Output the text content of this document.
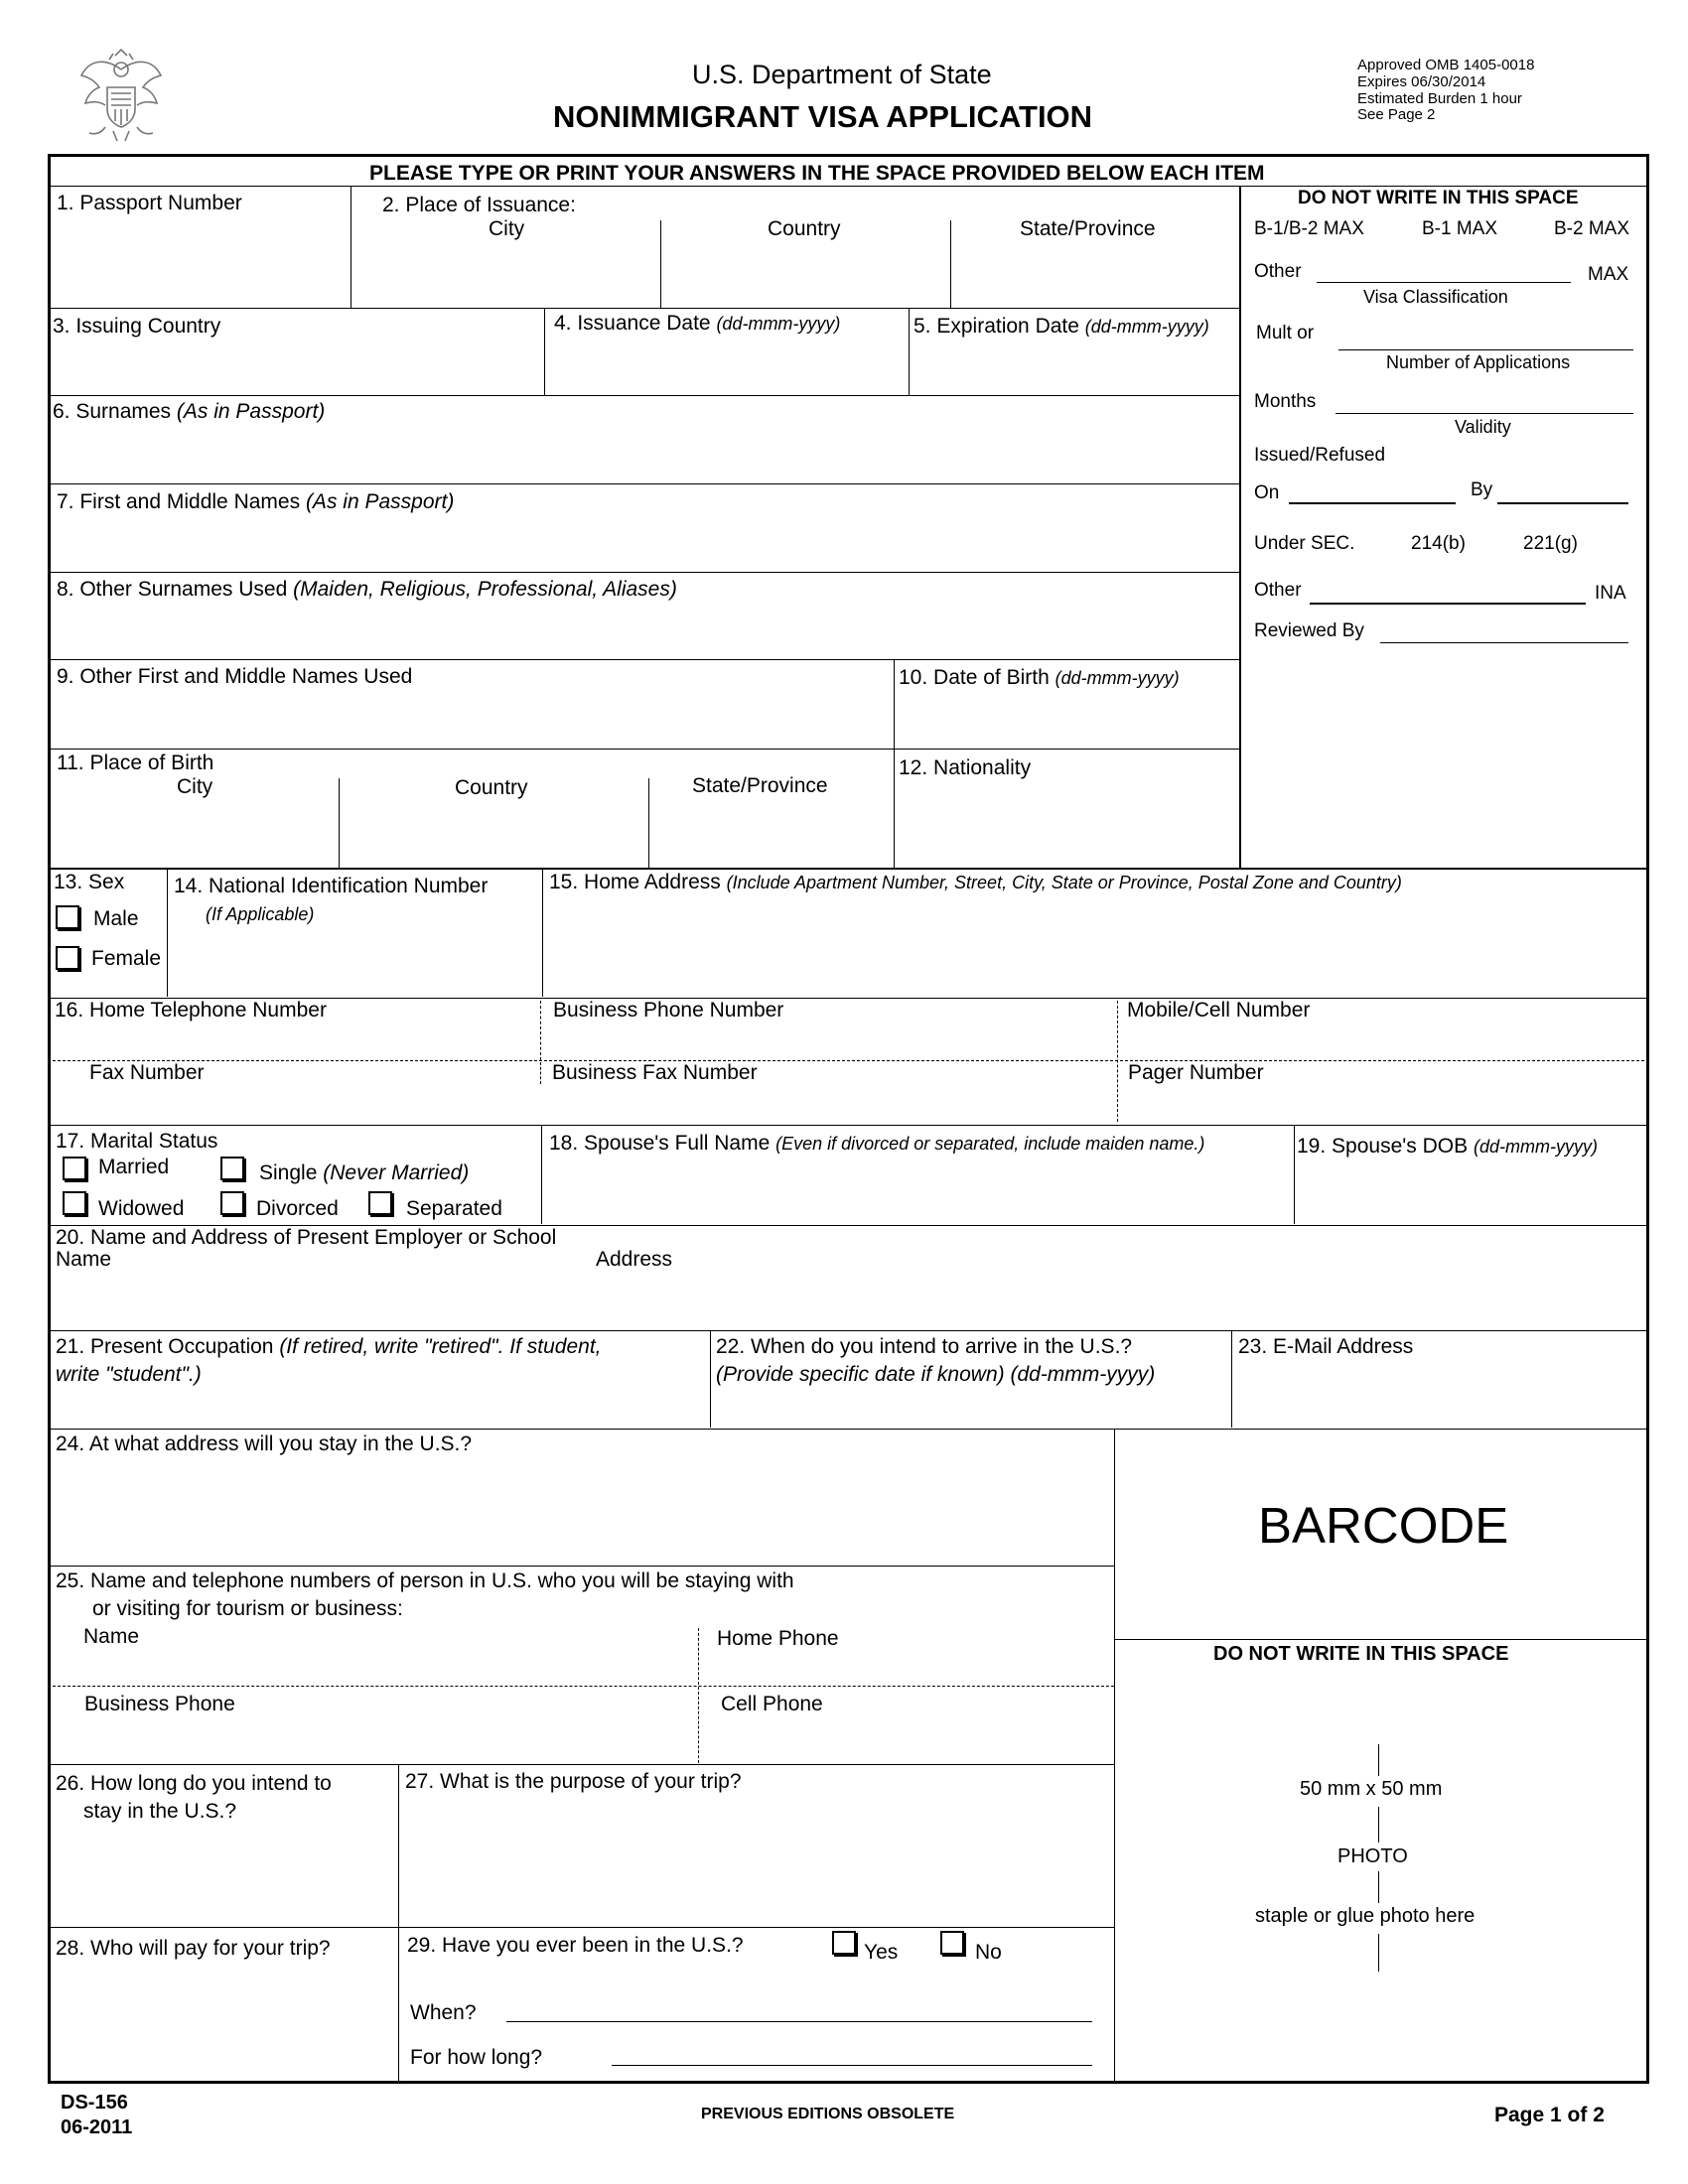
U.S. Department of State
NONIMMIGRANT VISA APPLICATION
Approved OMB 1405-0018
Expires 06/30/2014
Estimated Burden 1 hour
See Page 2
PLEASE TYPE OR PRINT YOUR ANSWERS IN THE SPACE PROVIDED BELOW EACH ITEM
1. Passport Number	2. Place of Issuance:
City	Country	State/Province
3. Issuing Country	4. Issuance Date (dd-mmm-yyyy)	5. Expiration Date (dd-mmm-yyyy)
6. Surnames (As in Passport)
7. First and Middle Names (As in Passport)
8. Other Surnames Used (Maiden, Religious, Professional, Aliases)
9. Other First and Middle Names Used	10. Date of Birth (dd-mmm-yyyy)
11. Place of Birth
City	Country	State/Province
12. Nationality
DO NOT WRITE IN THIS SPACE
B-1/B-2 MAX	B-1 MAX	B-2 MAX
Other	MAX
Visa Classification
Mult or
Number of Applications
Months
Validity
Issued/Refused
On	By
Under SEC.	214(b)	221(g)
Other	INA
Reviewed By
13. Sex
Male
Female
14. National Identification Number
(If Applicable)
15. Home Address (Include Apartment Number, Street, City, State or Province, Postal Zone and Country)
16. Home Telephone Number	Business Phone Number	Mobile/Cell Number
Fax Number	Business Fax Number	Pager Number
17. Marital Status
Married	Single (Never Married)
Widowed	Divorced	Separated
18. Spouse's Full Name (Even if divorced or separated, include maiden name.)	19. Spouse's DOB (dd-mmm-yyyy)
20. Name and Address of Present Employer or School
Name	Address
21. Present Occupation (If retired, write "retired". If student,
write "student".)
22. When do you intend to arrive in the U.S.?
(Provide specific date if known) (dd-mmm-yyyy)
23. E-Mail Address
BARCODE
DO NOT WRITE IN THIS SPACE
50 mm x 50 mm
PHOTO
staple or glue photo here
24. At what address will you stay in the U.S.?
25. Name and telephone numbers of person in U.S. who you will be staying with
or visiting for tourism or business:
Name	Home Phone
Business Phone	Cell Phone
26. How long do you intend to
stay in the U.S.?
27. What is the purpose of your trip?
28. Who will pay for your trip?	29. Have you ever been in the U.S.?	Yes	No
When?
For how long?
DS-156
06-2011
PREVIOUS EDITIONS OBSOLETE	Page 1 of 2
